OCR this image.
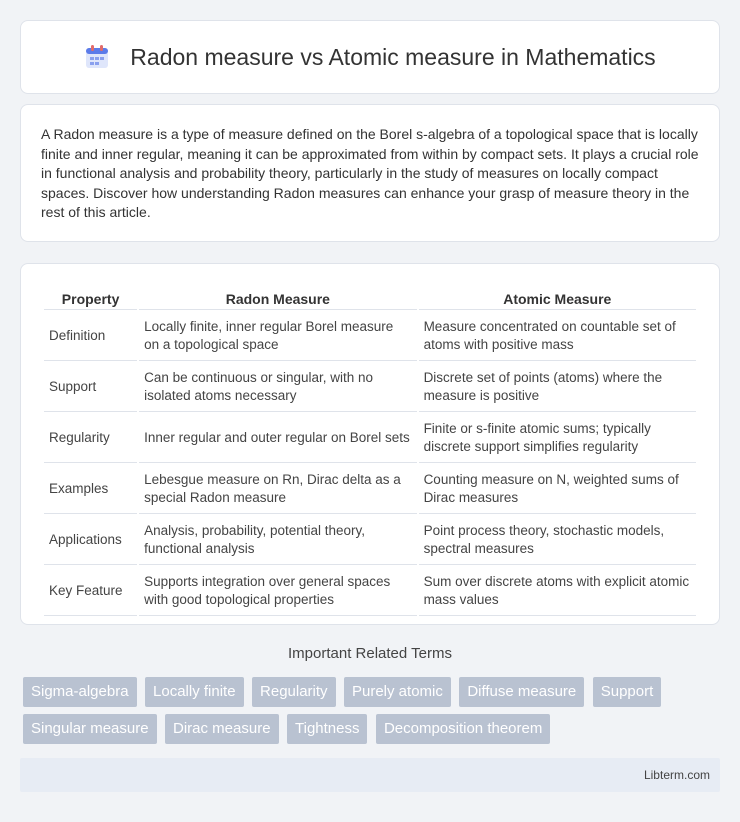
Radon measure vs Atomic measure in Mathematics

A Radon measure is a type of measure defined on the Borel s-algebra of a topological space that is locally finite and inner regular, meaning it can be approximated from within by compact sets. It plays a crucial role in functional analysis and probability theory, particularly in the study of measures on locally compact spaces. Discover how understanding Radon measures can enhance your grasp of measure theory in the rest of this article.

Property	Radon Measure	Atomic Measure
Definition	Locally finite, inner regular Borel measure on a topological space	Measure concentrated on countable set of atoms with positive mass
Support	Can be continuous or singular, with no isolated atoms necessary	Discrete set of points (atoms) where the measure is positive
Regularity	Inner regular and outer regular on Borel sets	Finite or s-finite atomic sums; typically discrete support simplifies regularity
Examples	Lebesgue measure on Rn, Dirac delta as a special Radon measure	Counting measure on N, weighted sums of Dirac measures
Applications	Analysis, probability, potential theory, functional analysis	Point process theory, stochastic models, spectral measures
Key Feature	Supports integration over general spaces with good topological properties	Sum over discrete atoms with explicit atomic mass values
Important Related Terms
Sigma-algebra Locally finite Regularity Purely atomic Diffuse measure Support Singular measure Dirac measure Tightness Decomposition theorem
Libterm.com
